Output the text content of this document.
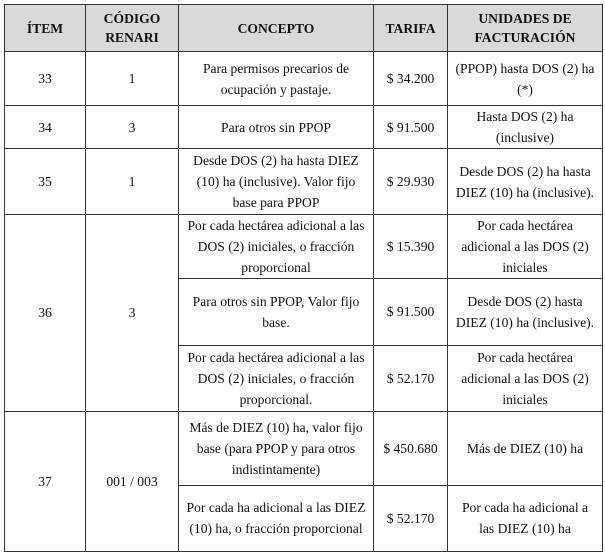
ÍTEM	CÓDIGO RENARI	CONCEPTO	TARIFA	UNIDADES DE FACTURACIÓN
33	1	Para permisos precarios de ocupación y pastaje.	$ 34.200	(PPOP) hasta DOS (2) ha (*)
34	3	Para otros sin PPOP	$ 91.500	Hasta DOS (2) ha (inclusive)
35	1	Desde DOS (2) ha hasta DIEZ (10) ha (inclusive). Valor fijo base para PPOP	$ 29.930	Desde DOS (2) ha hasta DIEZ (10) ha (inclusive).
36	3	Por cada hectárea adicional a las DOS (2) iniciales, o fracción proporcional	$ 15.390	Por cada hectárea adicional a las DOS (2) iniciales
		Para otros sin PPOP, Valor fijo base.	$ 91.500	Desde DOS (2) hasta DIEZ (10) ha (inclusive).
		Por cada hectárea adicional a las DOS (2) iniciales, o fracción proporcional.	$ 52.170	Por cada hectárea adicional a las DOS (2) iniciales
37	001 / 003	Más de DIEZ (10) ha, valor fijo base (para PPOP y para otros indistintamente)	$ 450.680	Más de DIEZ (10) ha
		Por cada ha adicional a las DIEZ (10) ha, o fracción proporcional	$ 52.170	Por cada ha adicional a las DIEZ (10) ha
